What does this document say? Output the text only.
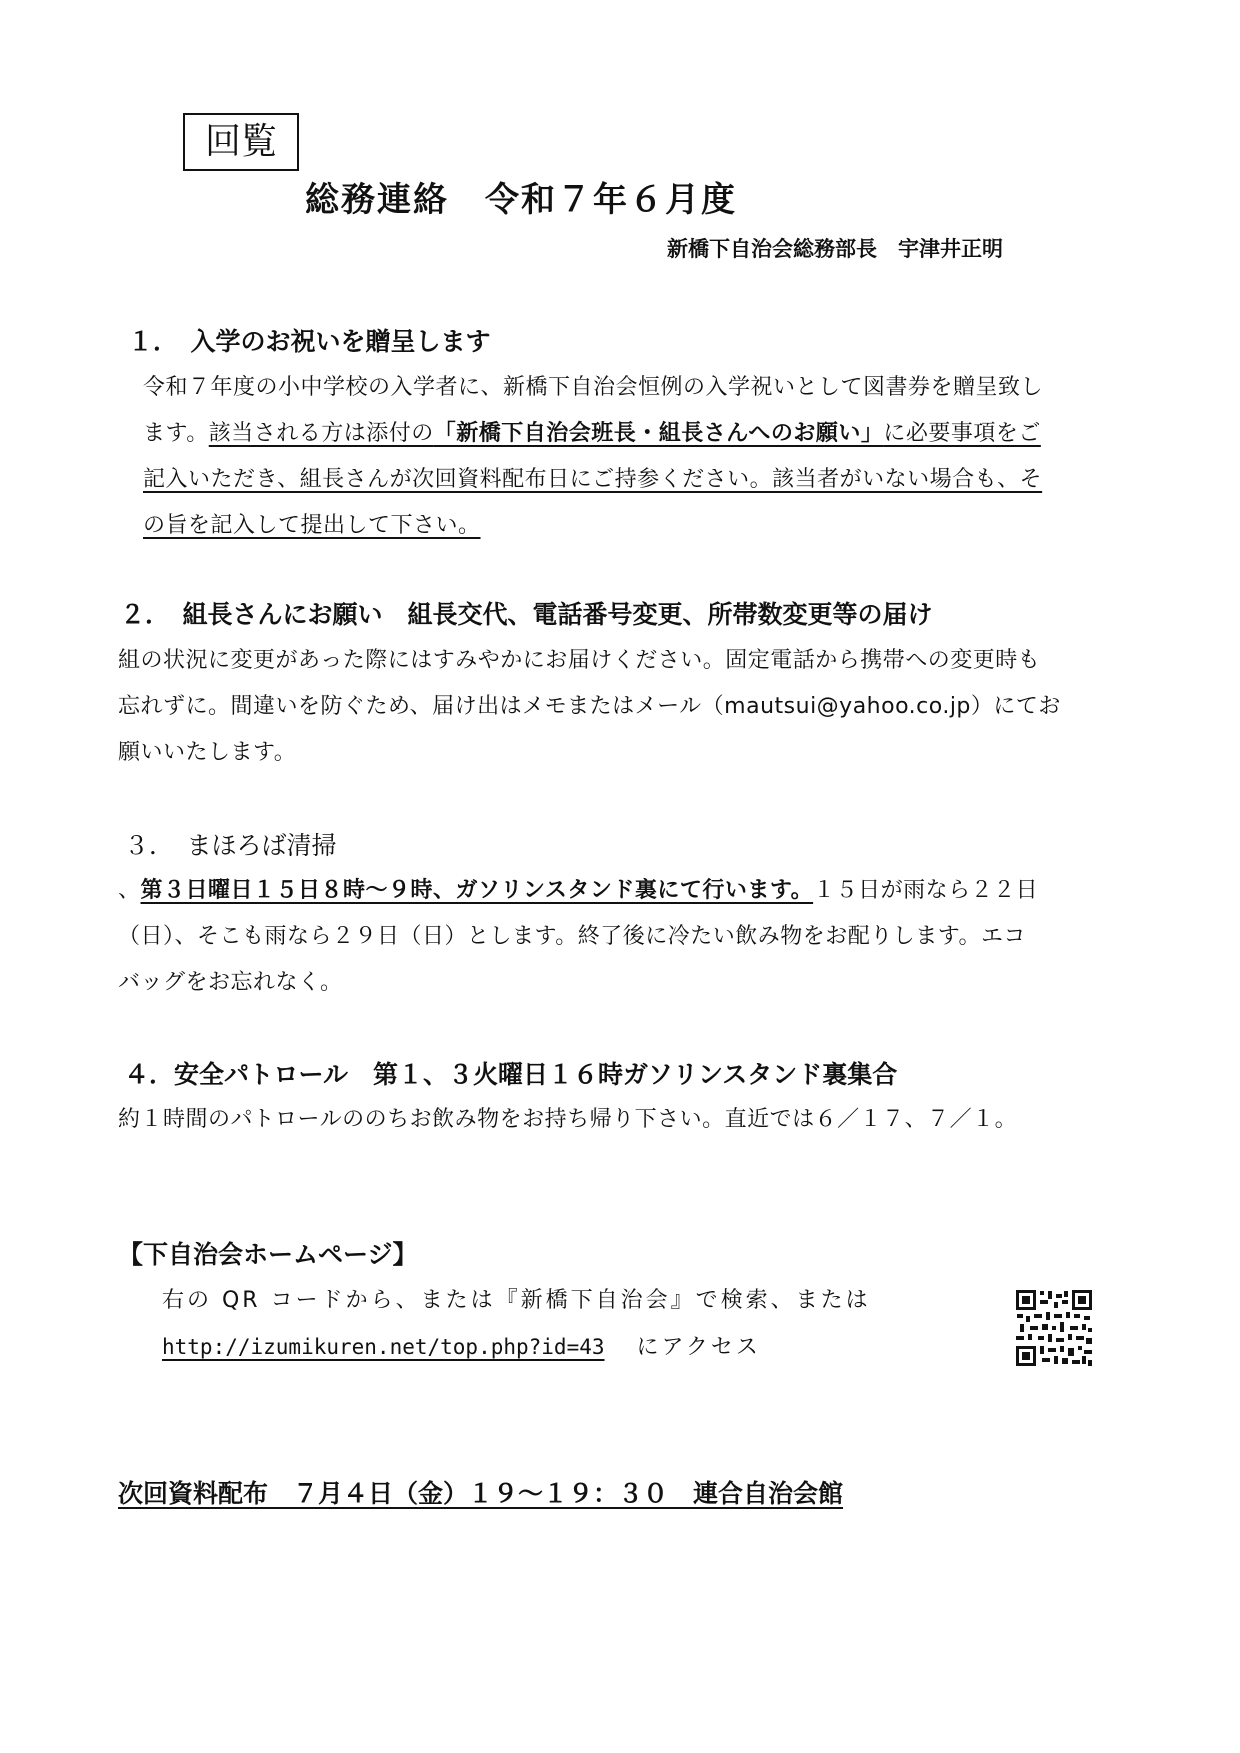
回覧
総務連絡　令和７年６月度
新橋下自治会総務部長　宇津井正明
１．　入学のお祝いを贈呈します
令和７年度の小中学校の入学者に、新橋下自治会恒例の入学祝いとして図書券を贈呈致し
ます。該当される方は添付の「新橋下自治会班長・組長さんへのお願い」に必要事項をご
記入いただき、組長さんが次回資料配布日にご持参ください。該当者がいない場合も、そ
の旨を記入して提出して下さい。
２．　組長さんにお願い　組長交代、電話番号変更、所帯数変更等の届け
組の状況に変更があった際にはすみやかにお届けください。固定電話から携帯への変更時も
忘れずに。間違いを防ぐため、届け出はメモまたはメール（mautsui@yahoo.co.jp）にてお
願いいたします。
３．　まほろば清掃
、第３日曜日１５日８時～９時、ガソリンスタンド裏にて行います。１５日が雨なら２２日
（日）、そこも雨なら２９日（日）とします。終了後に冷たい飲み物をお配りします。エコ
バッグをお忘れなく。
４．安全パトロール　第１、３火曜日１６時ガソリンスタンド裏集合
約１時間のパトロールののちお飲み物をお持ち帰り下さい。直近では６／１７、７／１。
【下自治会ホームページ】
右の QR コードから、または『新橋下自治会』で検索、または
http://izumikuren.net/top.php?id=43 にアクセス
次回資料配布　７月４日（金）１９～１９：３０　連合自治会館
